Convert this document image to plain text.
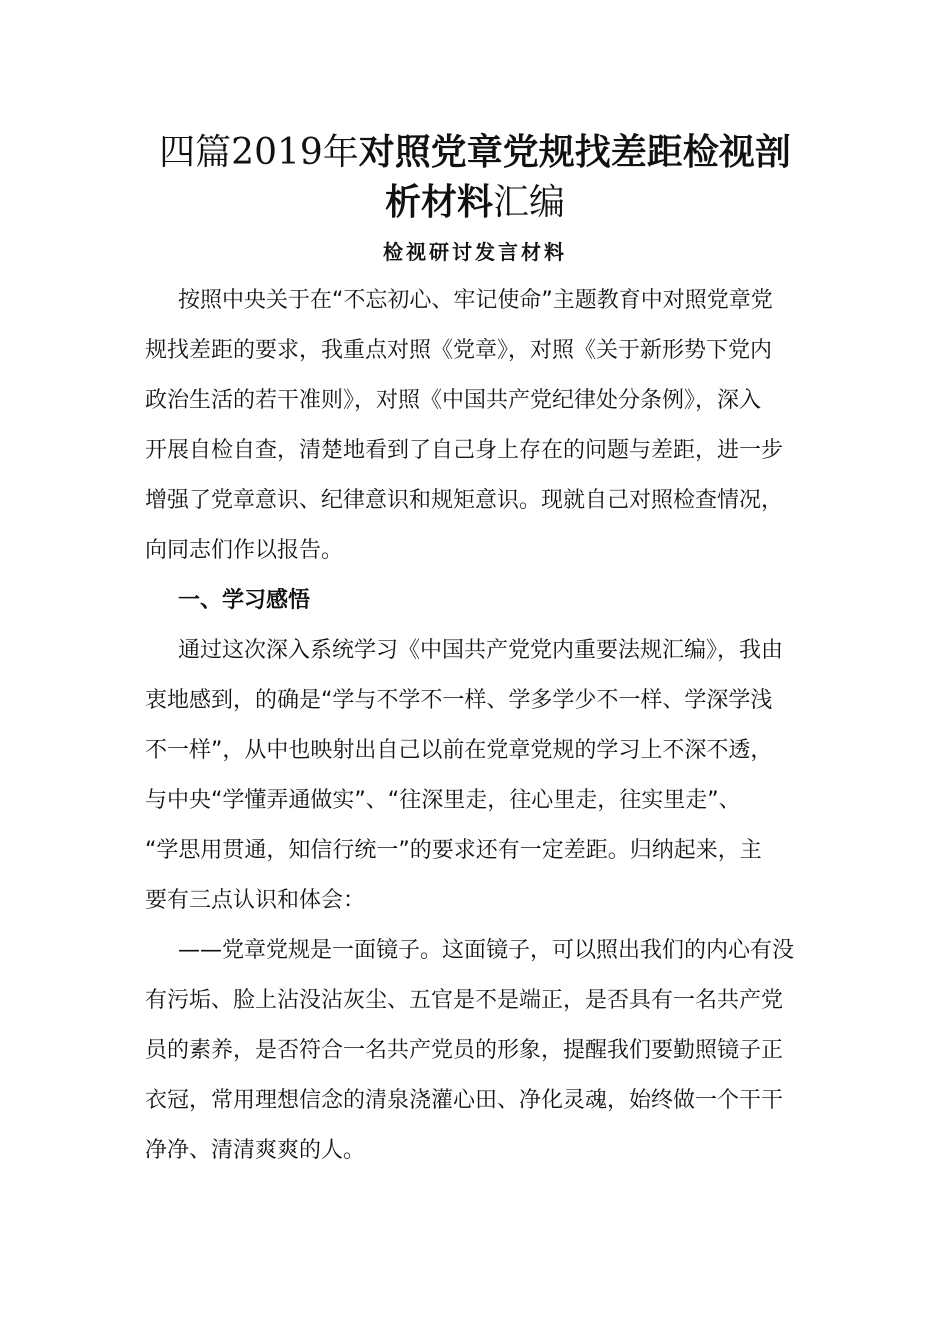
四篇2019年对照党章党规找差距检视剖
析材料汇编
检视研讨发言材料
按照中央关于在“不忘初心、牢记使命”主题教育中对照党章党
规找差距的要求，我重点对照《党章》，对照《关于新形势下党内
政治生活的若干准则》，对照《中国共产党纪律处分条例》，深入
开展自检自查，清楚地看到了自己身上存在的问题与差距，进一步
增强了党章意识、纪律意识和规矩意识。现就自己对照检查情况，
向同志们作以报告。
一、学习感悟
通过这次深入系统学习《中国共产党党内重要法规汇编》，我由
衷地感到，的确是“学与不学不一样、学多学少不一样、学深学浅
不一样”，从中也映射出自己以前在党章党规的学习上不深不透，
与中央“学懂弄通做实”、“往深里走，往心里走，往实里走”、
“学思用贯通，知信行统一”的要求还有一定差距。归纳起来，主
要有三点认识和体会：
——党章党规是一面镜子。这面镜子，可以照出我们的内心有没
有污垢、脸上沾没沾灰尘、五官是不是端正，是否具有一名共产党
员的素养，是否符合一名共产党员的形象，提醒我们要勤照镜子正
衣冠，常用理想信念的清泉浇灌心田、净化灵魂，始终做一个干干
净净、清清爽爽的人。
